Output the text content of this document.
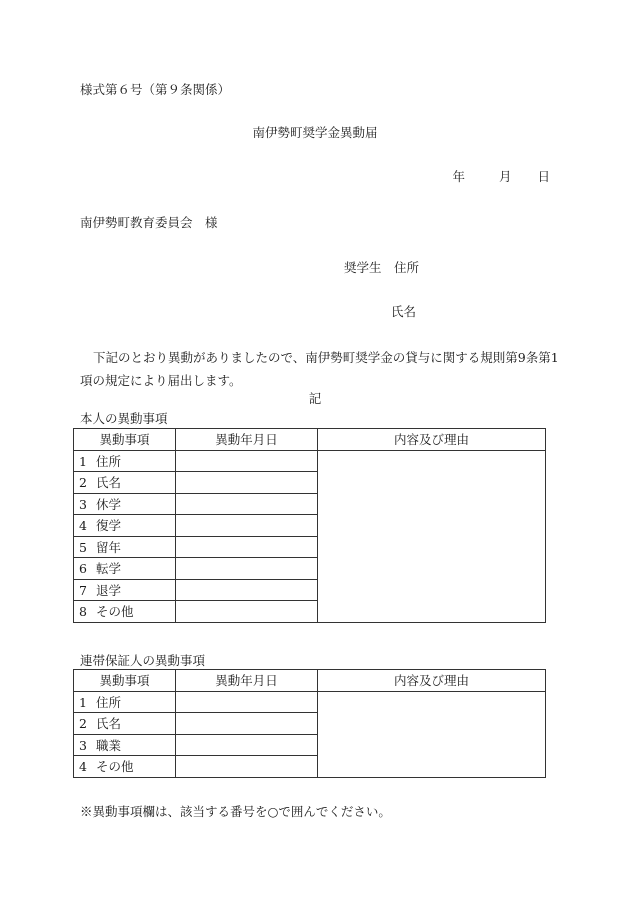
様式第６号（第９条関係）
南伊勢町奨学金異動届
年	月 日
南伊勢町教育委員会　様
奨学生　住所
氏名
下記のとおり異動がありましたので、南伊勢町奨学金の貸与に関する規則第9条第1項の規定により届出します。
記
本人の異動事項
異動事項	異動年月日	内容及び理由
1 住所		
2 氏名		
3 休学		
4 復学		
5 留年		
6 転学		
7 退学		
8 その他		
連帯保証人の異動事項
異動事項	異動年月日	内容及び理由
1 住所		
2 氏名		
3 職業		
4 その他		
※異動事項欄は、該当する番号を○で囲んでください。
